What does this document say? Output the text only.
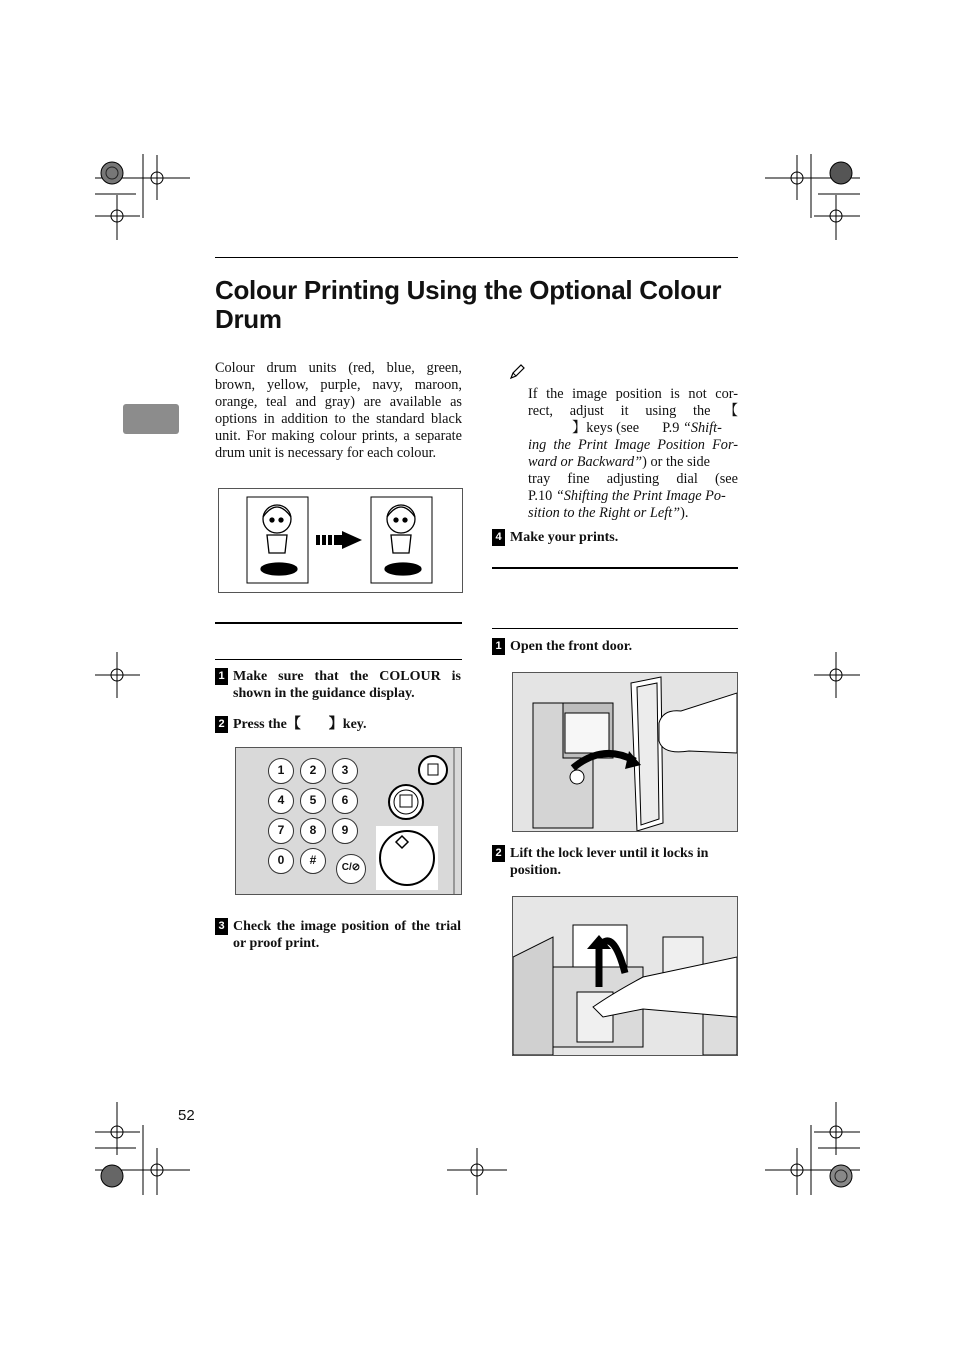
Colour Printing Using the Optional Colour
Drum
Colour drum units (red, blue, green, brown, yellow, purple, navy, maroon, orange, teal and gray) are available as options in addition to the standard black unit. For making colour prints, a separate drum unit is necessary for each colour.
1 Make sure that the COLOUR is shown in the guidance display.
2 Press the【　　】key.
1	2	3
4	5	6
7	8	9
0	#
C/⊘
3 Check the image position of the trial or proof print.
If the image position is not cor-
rect, adjust it using the【
】keys (see P.9 “Shift-
ing the Print Image Position For-
ward or Backward”) or the side
tray fine adjusting dial (see
P.10 “Shifting the Print Image Po-
sition to the Right or Left”).
4 Make your prints.
1 Open the front door.
2 Lift the lock lever until it locks in position.
52
